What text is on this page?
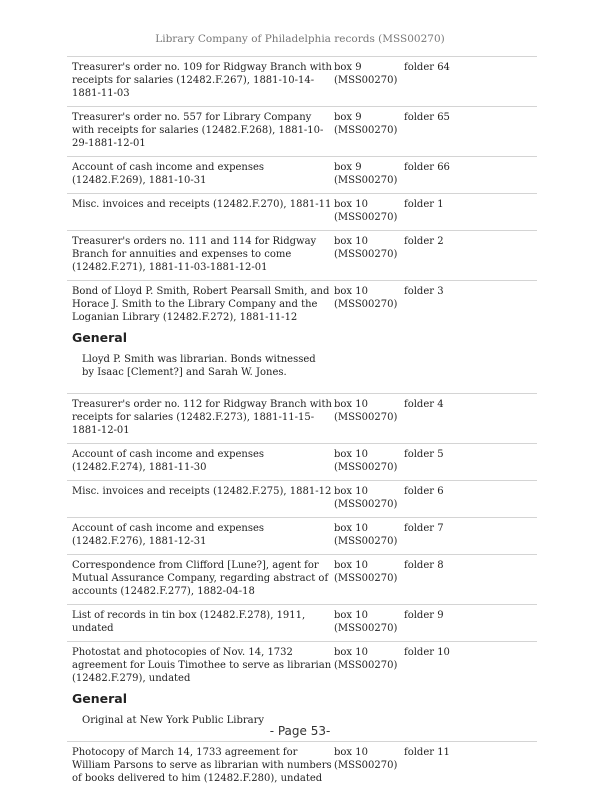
Library Company of Philadelphia records (MSS00270)
Treasurer's order no. 109 for Ridgway Branch with receipts for salaries (12482.F.267), 1881-10-14-1881-11-03
box 9 (MSS00270)
folder 64
Treasurer's order no. 557 for Library Company with receipts for salaries (12482.F.268), 1881-10-29-1881-12-01
box 9 (MSS00270)
folder 65
Account of cash income and expenses (12482.F.269), 1881-10-31
box 9 (MSS00270)
folder 66
Misc. invoices and receipts (12482.F.270), 1881-11 box 10 (MSS00270)
folder 1
Treasurer's orders no. 111 and 114 for Ridgway Branch for annuities and expenses to come (12482.F.271), 1881-11-03-1881-12-01
box 10 (MSS00270)
folder 2
Bond of Lloyd P. Smith, Robert Pearsall Smith, and Horace J. Smith to the Library Company and the Loganian Library (12482.F.272), 1881-11-12
box 10 (MSS00270)
folder 3
General
Lloyd P. Smith was librarian. Bonds witnessed by Isaac [Clement?] and Sarah W. Jones.
Treasurer's order no. 112 for Ridgway Branch with receipts for salaries (12482.F.273), 1881-11-15-1881-12-01
box 10 (MSS00270)
folder 4
Account of cash income and expenses (12482.F.274), 1881-11-30
box 10 (MSS00270)
folder 5
Misc. invoices and receipts (12482.F.275), 1881-12 box 10 (MSS00270)
folder 6
Account of cash income and expenses (12482.F.276), 1881-12-31
box 10 (MSS00270)
folder 7
Correspondence from Clifford [Lune?], agent for Mutual Assurance Company, regarding abstract of accounts (12482.F.277), 1882-04-18
box 10 (MSS00270)
folder 8
List of records in tin box (12482.F.278), 1911, undated
box 10 (MSS00270)
folder 9
Photostat and photocopies of Nov. 14, 1732 agreement for Louis Timothee to serve as librarian (12482.F.279), undated
box 10 (MSS00270)
folder 10
General
Original at New York Public Library
Photocopy of March 14, 1733 agreement for William Parsons to serve as librarian with numbers of books delivered to him (12482.F.280), undated
box 10 (MSS00270)
folder 11
- Page 53-
